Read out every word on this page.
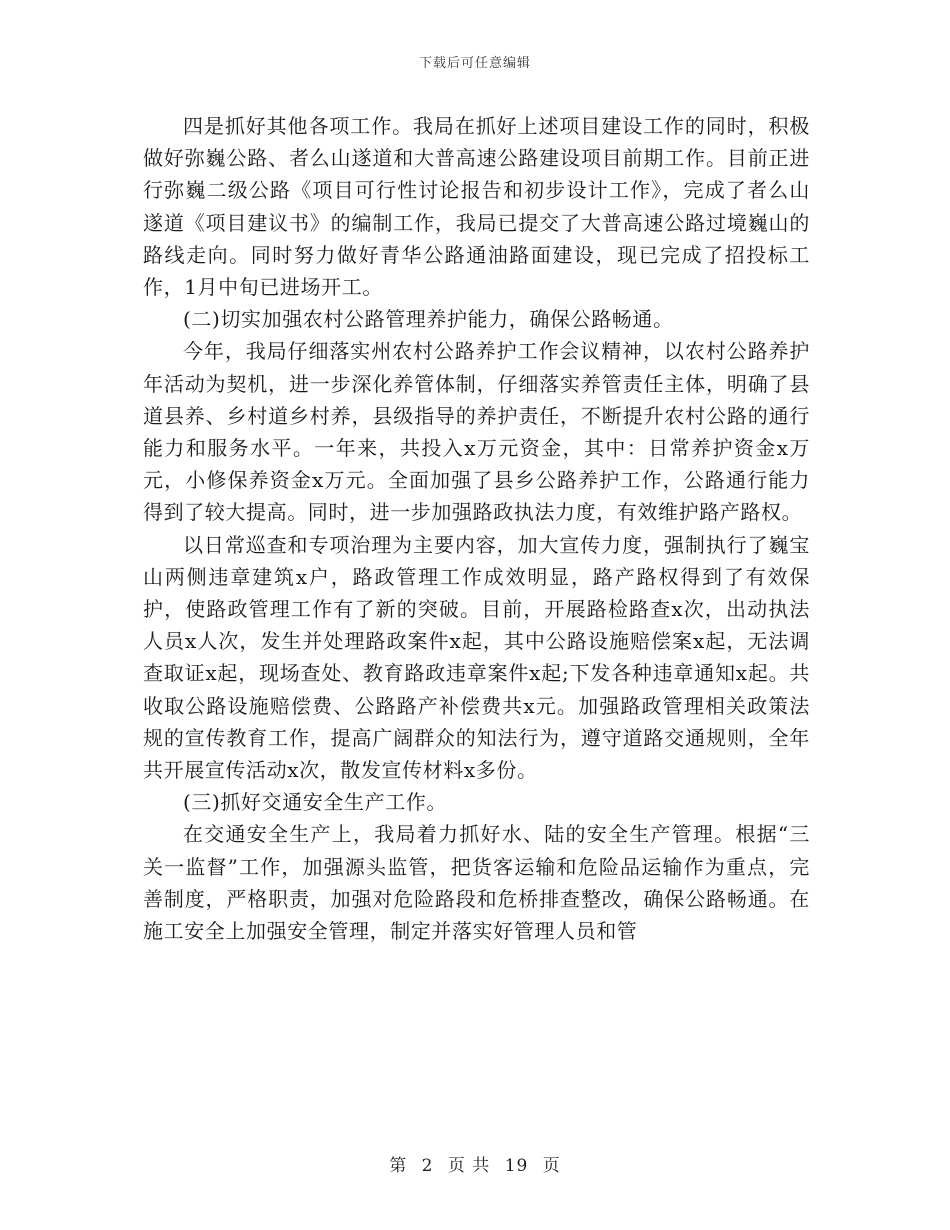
下载后可任意编辑

四是抓好其他各项工作。我局在抓好上述项目建设工作的同时，积极做好弥巍公路、者么山遂道和大普高速公路建设项目前期工作。目前正进行弥巍二级公路《项目可行性讨论报告和初步设计工作》，完成了者么山遂道《项目建议书》的编制工作，我局已提交了大普高速公路过境巍山的路线走向。同时努力做好青华公路通油路面建设，现已完成了招投标工作，1月中旬已进场开工。

(二)切实加强农村公路管理养护能力，确保公路畅通。

今年，我局仔细落实州农村公路养护工作会议精神，以农村公路养护年活动为契机，进一步深化养管体制，仔细落实养管责任主体，明确了县道县养、乡村道乡村养，县级指导的养护责任，不断提升农村公路的通行能力和服务水平。一年来，共投入x万元资金，其中：日常养护资金x万元，小修保养资金x万元。全面加强了县乡公路养护工作，公路通行能力得到了较大提高。同时，进一步加强路政执法力度，有效维护路产路权。

以日常巡查和专项治理为主要内容，加大宣传力度，强制执行了巍宝山两侧违章建筑x户，路政管理工作成效明显，路产路权得到了有效保护，使路政管理工作有了新的突破。目前，开展路检路查x次，出动执法人员x人次，发生并处理路政案件x起，其中公路设施赔偿案x起，无法调查取证x起，现场查处、教育路政违章案件x起;下发各种违章通知x起。共收取公路设施赔偿费、公路路产补偿费共x元。加强路政管理相关政策法规的宣传教育工作，提高广阔群众的知法行为，遵守道路交通规则，全年共开展宣传活动x次，散发宣传材料x多份。

(三)抓好交通安全生产工作。

在交通安全生产上，我局着力抓好水、陆的安全生产管理。根据“三关一监督”工作，加强源头监管，把货客运输和危险品运输作为重点，完善制度，严格职责，加强对危险路段和危桥排查整改，确保公路畅通。在施工安全上加强安全管理，制定并落实好管理人员和管

第 2 页 共 19 页
